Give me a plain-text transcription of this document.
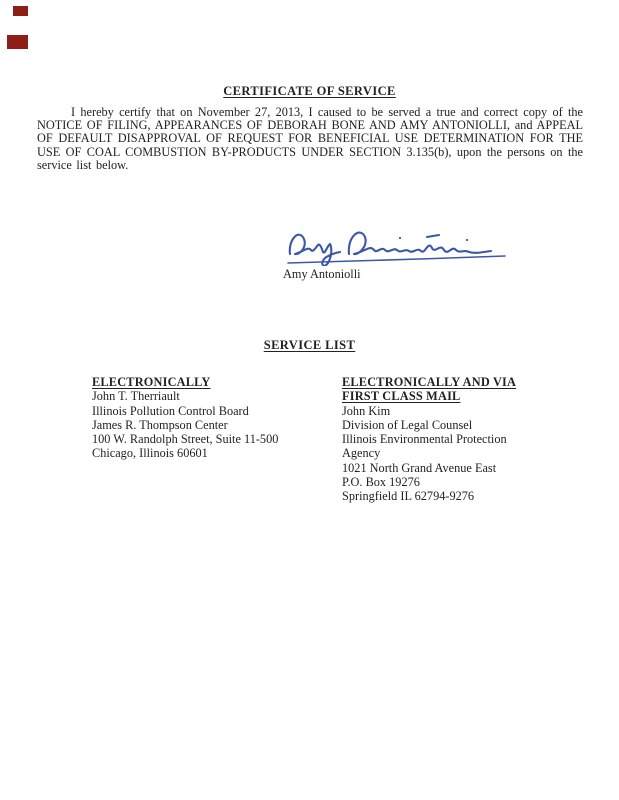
CERTIFICATE OF SERVICE

I hereby certify that on November 27, 2013, I caused to be served a true and correct copy of the NOTICE OF FILING, APPEARANCES OF DEBORAH BONE AND AMY ANTONIOLLI, and APPEAL OF DEFAULT DISAPPROVAL OF REQUEST FOR BENEFICIAL USE DETERMINATION FOR THE USE OF COAL COMBUSTION BY-PRODUCTS UNDER SECTION 3.135(b), upon the persons on the service list below.

Amy Antoniolli
SERVICE LIST
ELECTRONICALLY
John T. Therriault
Illinois Pollution Control Board
James R. Thompson Center
100 W. Randolph Street, Suite 11-500
Chicago, Illinois 60601
ELECTRONICALLY AND VIA FIRST CLASS MAIL
John Kim
Division of Legal Counsel
Illinois Environmental Protection Agency
1021 North Grand Avenue East
P.O. Box 19276
Springfield IL 62794-9276
